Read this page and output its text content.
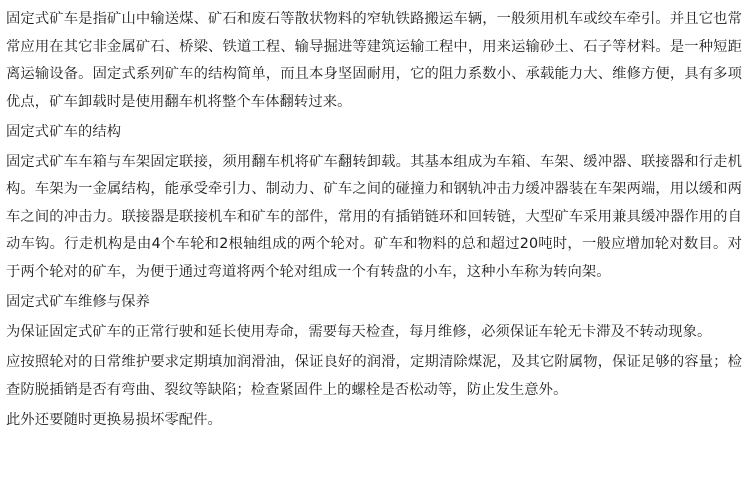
固定式矿车是指矿山中输送煤、矿石和废石等散状物料的窄轨铁路搬运车辆，一般须用机车或绞车牵引。并且它也常常应用在其它非金属矿石、桥梁、铁道工程、输导掘进等建筑运输工程中，用来运输砂土、石子等材料。是一种短距离运输设备。固定式系列矿车的结构简单，而且本身坚固耐用，它的阻力系数小、承载能力大、维修方便，具有多项优点，矿车卸载时是使用翻车机将整个车体翻转过来。

固定式矿车的结构

固定式矿车车箱与车架固定联接，须用翻车机将矿车翻转卸载。其基本组成为车箱、车架、缓冲器、联接器和行走机构。车架为一金属结构，能承受牵引力、制动力、矿车之间的碰撞力和钢轨冲击力缓冲器装在车架两端，用以缓和两车之间的冲击力。联接器是联接机车和矿车的部件，常用的有插销链环和回转链，大型矿车采用兼具缓冲器作用的自动车钩。行走机构是由4个车轮和2根轴组成的两个轮对。矿车和物料的总和超过20吨时，一般应增加轮对数目。对于两个轮对的矿车，为便于通过弯道将两个轮对组成一个有转盘的小车，这种小车称为转向架。

固定式矿车维修与保养

为保证固定式矿车的正常行驶和延长使用寿命，需要每天检查，每月维修，必须保证车轮无卡滞及不转动现象。

应按照轮对的日常维护要求定期填加润滑油，保证良好的润滑，定期清除煤泥，及其它附属物，保证足够的容量；检查防脱插销是否有弯曲、裂纹等缺陷；检查紧固件上的螺栓是否松动等，防止发生意外。

此外还要随时更换易损坏零配件。
